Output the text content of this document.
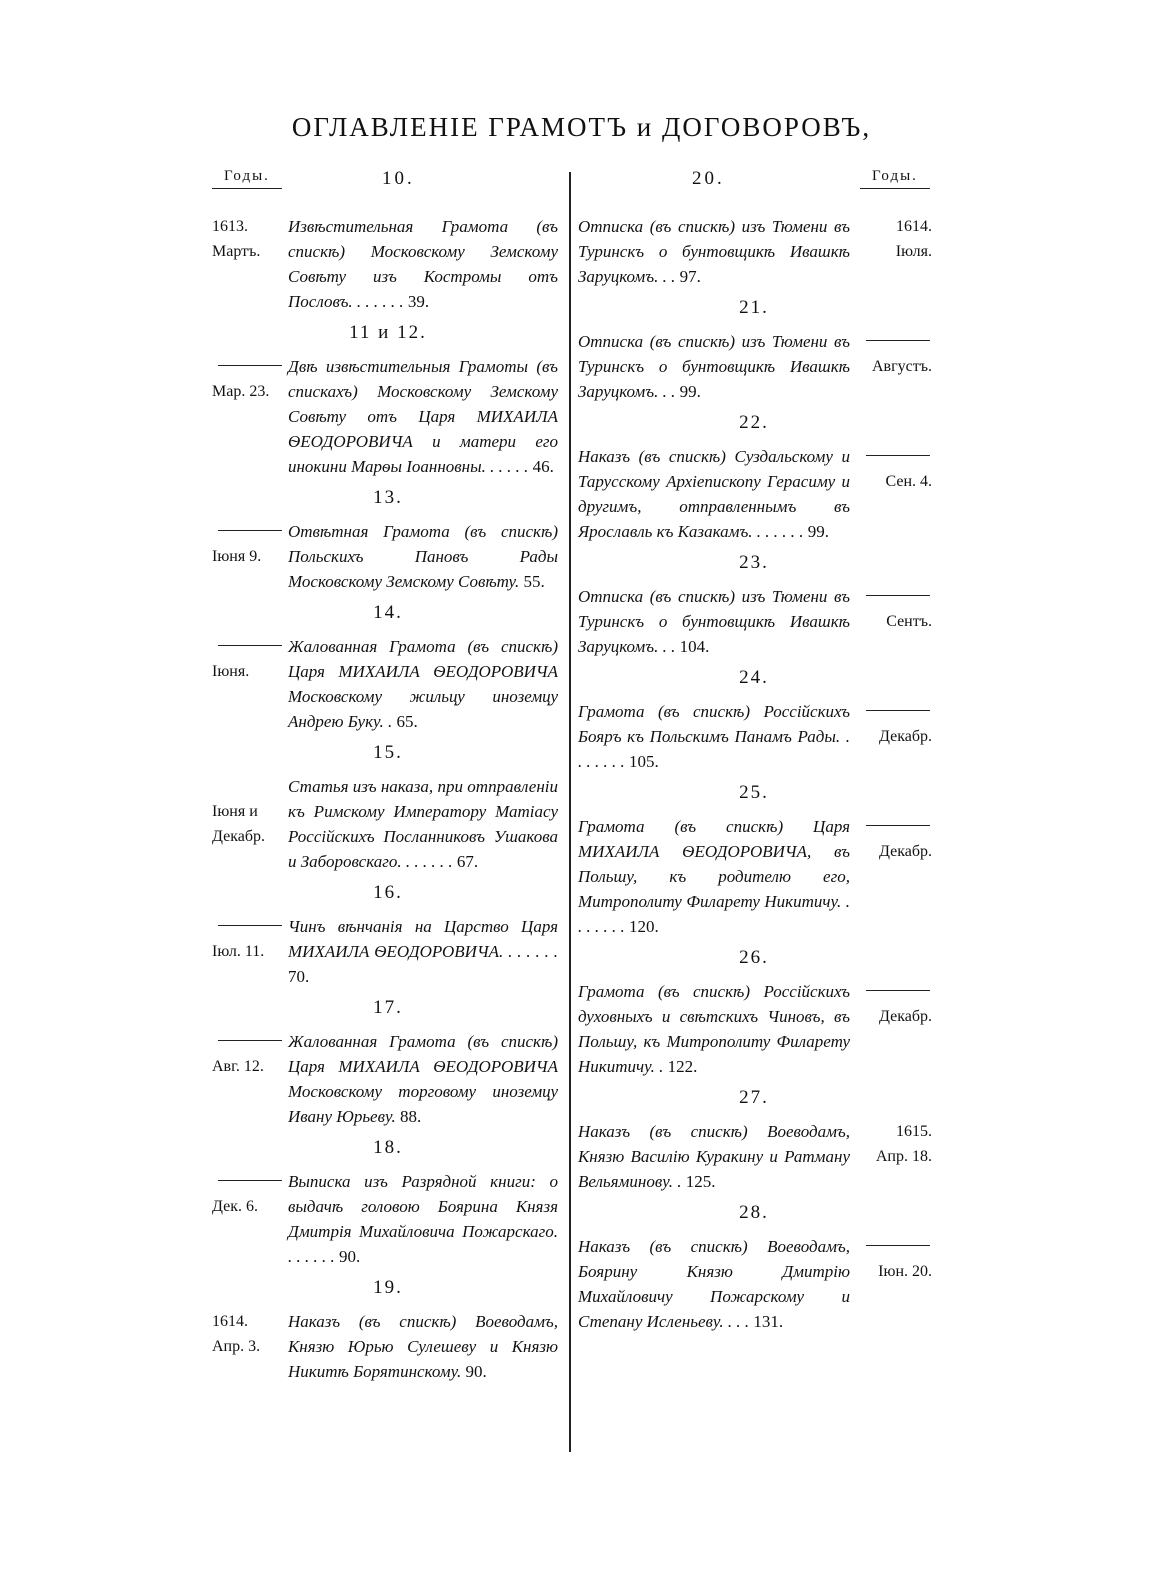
ОГЛАВЛЕНІЕ ГРАМОТЪ и ДОГОВОРОВЪ,
Годы.	10.
1613.
Мартъ.
Извѣстительная Грамота (въ спискѣ) Московскому Земскому Совѣту изъ Костромы отъ Пословъ. . . . . . . 39.
11 и 12.
Мар. 23.
Двѣ извѣстительныя Грамоты (въ спискахъ) Московскому Земскому Совѣту отъ Царя МИХАИЛА ѲЕОДОРОВИЧА и матери его инокини Марѳы Іоанновны. . . . . . 46.
13.
Іюня 9.
Отвѣтная Грамота (въ спискѣ) Польскихъ Пановъ Рады Московскому Земскому Совѣту. 55.
14.
Іюня.
Жалованная Грамота (въ спискѣ) Царя МИХАИЛА ѲЕОДОРОВИЧА Московскому жильцу иноземцу Андрею Буку. . 65.
15.
Іюня и
Декабр.
Статья изъ наказа, при отправленіи къ Римскому Императору Матіасу Россійскихъ Посланниковъ Ушакова и Заборовскаго. . . . . . . 67.
16.
Іюл. 11.
Чинъ вѣнчанія на Царство Царя МИХАИЛА ѲЕОДОРОВИЧА. . . . . . . 70.
17.
Авг. 12.
Жалованная Грамота (въ спискѣ) Царя МИХАИЛА ѲЕОДОРОВИЧА Московскому торговому иноземцу Ивану Юрьеву. 88.
18.
Дек. 6.
Выписка изъ Разрядной книги: о выдачѣ головою Боярина Князя Дмитрія Михайловича Пожарскаго. . . . . . . 90.
19.
1614.
Апр. 3.
Наказъ (въ спискѣ) Воеводамъ, Князю Юрью Сулешеву и Князю Никитѣ Борятинскому. 90.
20.	Годы.
1614.
Іюля.
Отписка (въ спискѣ) изъ Тюмени въ Туринскъ о бунтовщикѣ Ивашкѣ Заруцкомъ. . . 97.
21.
Августъ.
Отписка (въ спискѣ) изъ Тюмени въ Туринскъ о бунтовщикѣ Ивашкѣ Заруцкомъ. . . 99.
22.
Сен. 4.
Наказъ (въ спискѣ) Суздальскому и Тарусскому Архіепископу Герасиму и другимъ, отправленнымъ въ Ярославль къ Казакамъ. . . . . . . 99.
23.
Сентъ.
Отписка (въ спискѣ) изъ Тюмени въ Туринскъ о бунтовщикѣ Ивашкѣ Заруцкомъ. . . 104.
24.
Декабр.
Грамота (въ спискѣ) Россійскихъ Бояръ къ Польскимъ Панамъ Рады. . . . . . . . 105.
25.
Декабр.
Грамота (въ спискѣ) Царя МИХАИЛА ѲЕОДОРОВИЧА, въ Польшу, къ родителю его, Митрополиту Филарету Никитичу. . . . . . . . 120.
26.
Декабр.
Грамота (въ спискѣ) Россійскихъ духовныхъ и свѣтскихъ Чиновъ, въ Польшу, къ Митрополиту Филарету Никитичу. . 122.
27.
1615.
Апр. 18.
Наказъ (въ спискѣ) Воеводамъ, Князю Василію Куракину и Ратману Вельяминову. . 125.
28.
Іюн. 20.
Наказъ (въ спискѣ) Воеводамъ, Боярину Князю Дмитрію Михайловичу Пожарскому и Степану Исленьеву. . . . 131.
